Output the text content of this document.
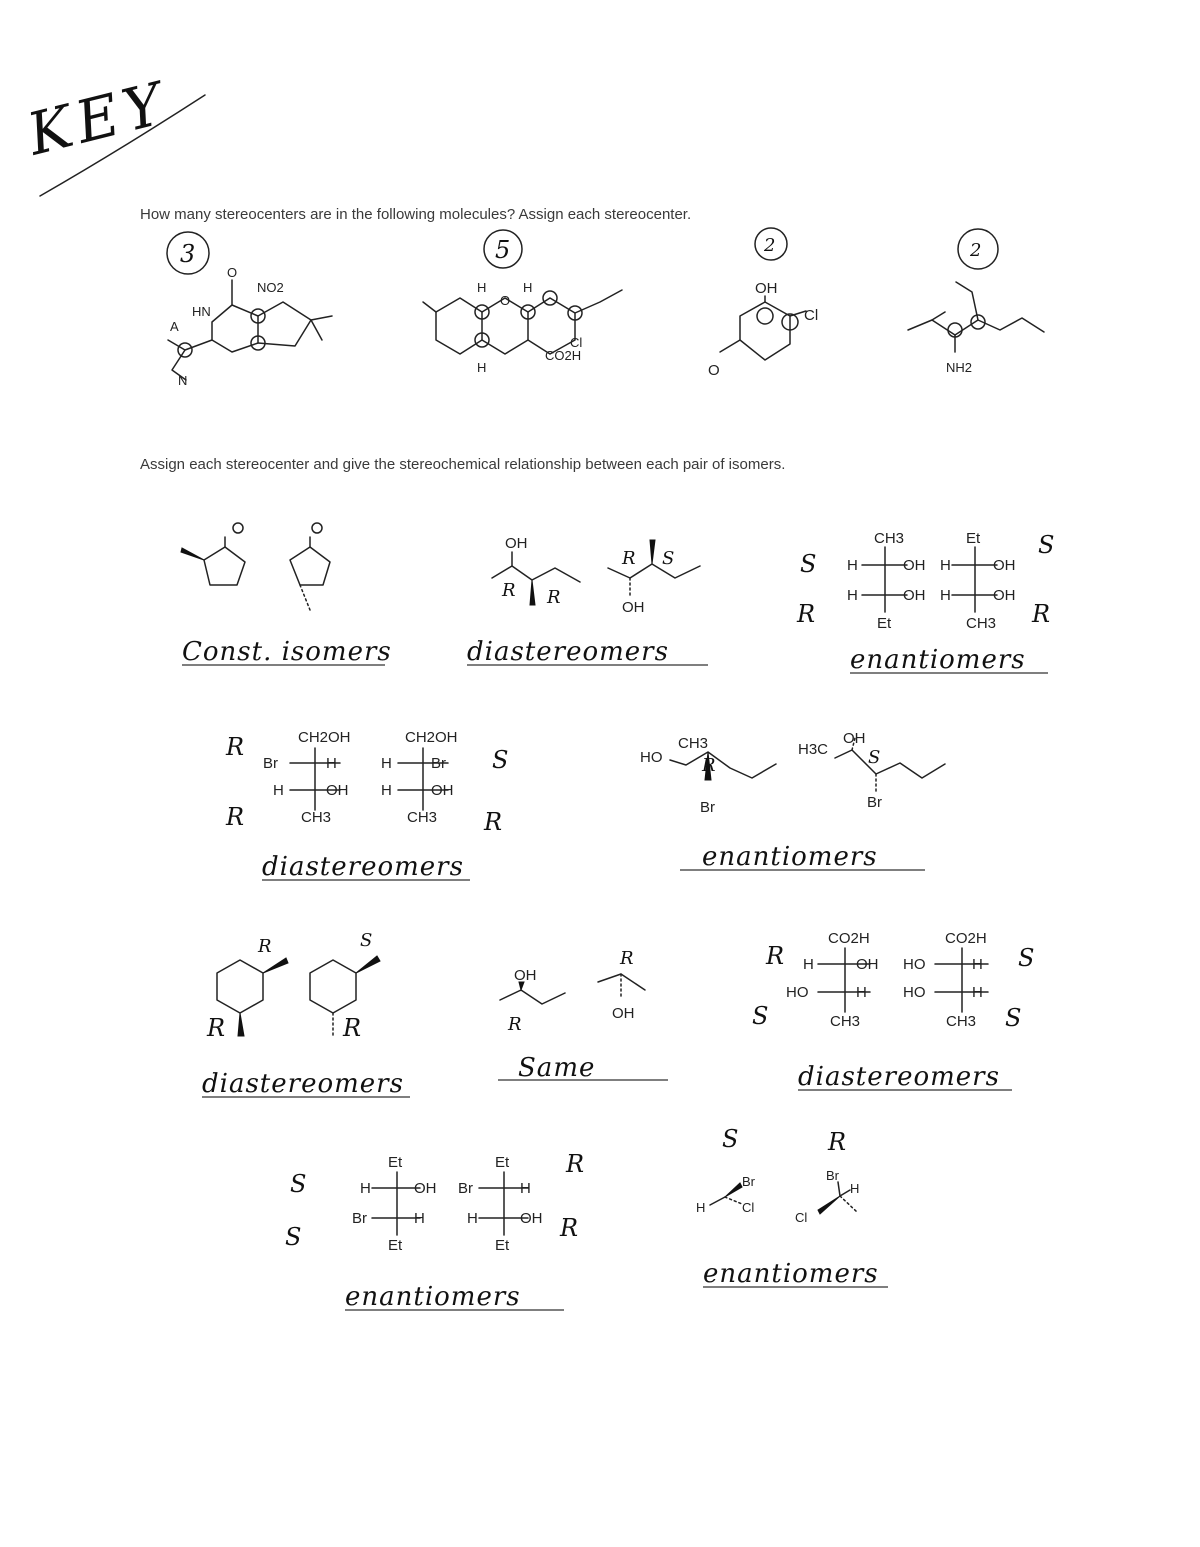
KEY
How many stereocenters are in the following molecules? Assign each stereocenter.
3	5	2	2
HN
NO2
O
N
A
H
O
H
H
Cl
CO2H
OH
Cl
O	NH2
Assign each stereocenter and give the stereochemical relationship between each pair of isomers.
Const. isomers
OH
R R	OH
R S
diastereomers
S
R
CH3
H	OH
H	OH
Et
Et
H	OH
H	OH
CH3
S
R
enantiomers
R
R
CH2OH
Br	H
H	OH
CH3
CH2OH
H	Br
H	OH
CH3
S
R
diastereomers
HO
CH3
Br
R
H3C
OH
Br
S
enantiomers
R
R
S
R
diastereomers
OH
R
OH
R
Same
R
S
CO2H
H	OH
HO	H
CH3
CO2H
HO	H
HO	H
CH3
S
S
diastereomers
S
S
Et
H	OH
Br	H
Et
Et
Br	H
H	OH
Et
R
R
enantiomers
S
H
Br
Cl
R
Br
H
Cl
enantiomers
